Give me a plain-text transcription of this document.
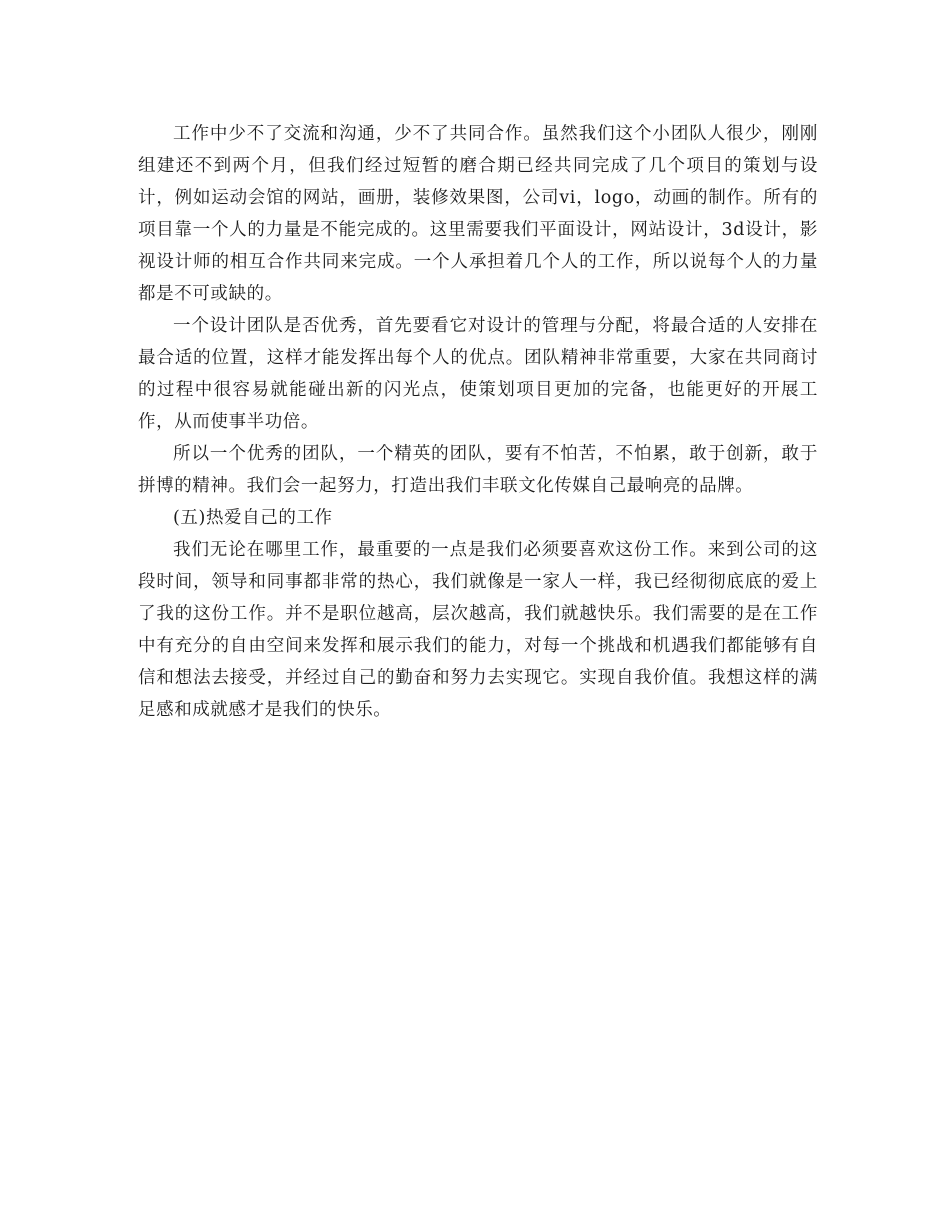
工作中少不了交流和沟通，少不了共同合作。虽然我们这个小团队人很少，刚刚组建还不到两个月，但我们经过短暂的磨合期已经共同完成了几个项目的策划与设计，例如运动会馆的网站，画册，装修效果图，公司vi，logo，动画的制作。所有的项目靠一个人的力量是不能完成的。这里需要我们平面设计，网站设计，3d设计，影视设计师的相互合作共同来完成。一个人承担着几个人的工作，所以说每个人的力量都是不可或缺的。

一个设计团队是否优秀，首先要看它对设计的管理与分配，将最合适的人安排在最合适的位置，这样才能发挥出每个人的优点。团队精神非常重要，大家在共同商讨的过程中很容易就能碰出新的闪光点，使策划项目更加的完备，也能更好的开展工作，从而使事半功倍。

所以一个优秀的团队，一个精英的团队，要有不怕苦，不怕累，敢于创新，敢于拼博的精神。我们会一起努力，打造出我们丰联文化传媒自己最响亮的品牌。

(五)热爱自己的工作

我们无论在哪里工作，最重要的一点是我们必须要喜欢这份工作。来到公司的这段时间，领导和同事都非常的热心，我们就像是一家人一样，我已经彻彻底底的爱上了我的这份工作。并不是职位越高，层次越高，我们就越快乐。我们需要的是在工作中有充分的自由空间来发挥和展示我们的能力，对每一个挑战和机遇我们都能够有自信和想法去接受，并经过自己的勤奋和努力去实现它。实现自我价值。我想这样的满足感和成就感才是我们的快乐。
